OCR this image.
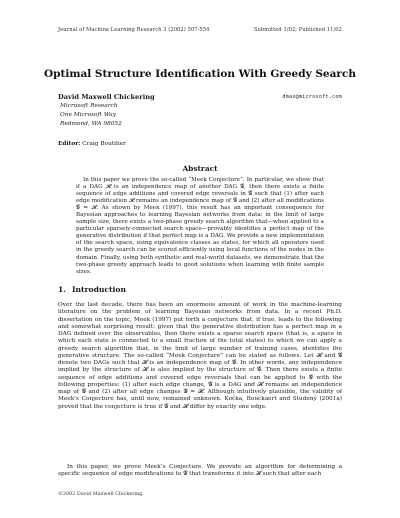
Journal of Machine Learning Research 3 (2002) 507-554	Submitted 1/02; Published 11/02
Optimal Structure Identification With Greedy Search
David Maxwell Chickering	dmax@microsoft.com
Microsoft Research
One Microsoft Way
Redmond, WA 98052
Editor: Craig Boutilier
Abstract
In this paper we prove the so-called “Meek Conjecture”. In particular, we show that if a DAG 𝓗 is an independence map of another DAG 𝓖, then there exists a finite sequence of edge additions and covered edge reversals in 𝓖 such that (1) after each edge modification 𝓗 remains an independence map of 𝓖 and (2) after all modifications 𝓖 = 𝓗. As shown by Meek (1997), this result has an important consequence for Bayesian approaches to learning Bayesian networks from data: in the limit of large sample size, there exists a two-phase greedy search algorithm that—when applied to a particular sparsely-connected search space—provably identifies a perfect map of the generative distribution if that perfect map is a DAG. We provide a new implementation of the search space, using equivalence classes as states, for which all operators used in the greedy search can be scored efficiently using local functions of the nodes in the domain. Finally, using both synthetic and real-world datasets, we demonstrate that the two-phase greedy approach leads to good solutions when learning with finite sample sizes.
1. Introduction
Over the last decade, there has been an enormous amount of work in the machine-learning literature on the problem of learning Bayesian networks from data. In a recent Ph.D. dissertation on the topic, Meek (1997) put forth a conjecture that, if true, leads to the following and somewhat surprising result: given that the generative distribution has a perfect map in a DAG defined over the observables, then there exists a sparse search space (that is, a space in which each state is connected to a small fraction of the total states) to which we can apply a greedy search algorithm that, in the limit of large number of training cases, identifies the generative structure. The so-called “Meek Conjecture” can be stated as follows. Let 𝓗 and 𝓖 denote two DAGs such that 𝓗 is an independence map of 𝓖. In other words, any independence implied by the structure of 𝓗 is also implied by the structure of 𝓖. Then there exists a finite sequence of edge additions and covered edge reversals that can be applied to 𝓖 with the following properties: (1) after each edge change, 𝓖 is a DAG and 𝓗 remains an independence map of 𝓖 and (2) after all edge changes 𝓖 = 𝓗. Although intuitively plausible, the validity of Meek’s Conjecture has, until now, remained unknown. Kočka, Bouckaert and Studený (2001a) proved that the conjecture is true if 𝓖 and 𝓗 differ by exactly one edge.
In this paper, we prove Meek’s Conjecture. We provide an algorithm for determining a specific sequence of edge modifications to 𝓖 that transforms it into 𝓗 such that after each
©2002 David Maxwell Chickering.
